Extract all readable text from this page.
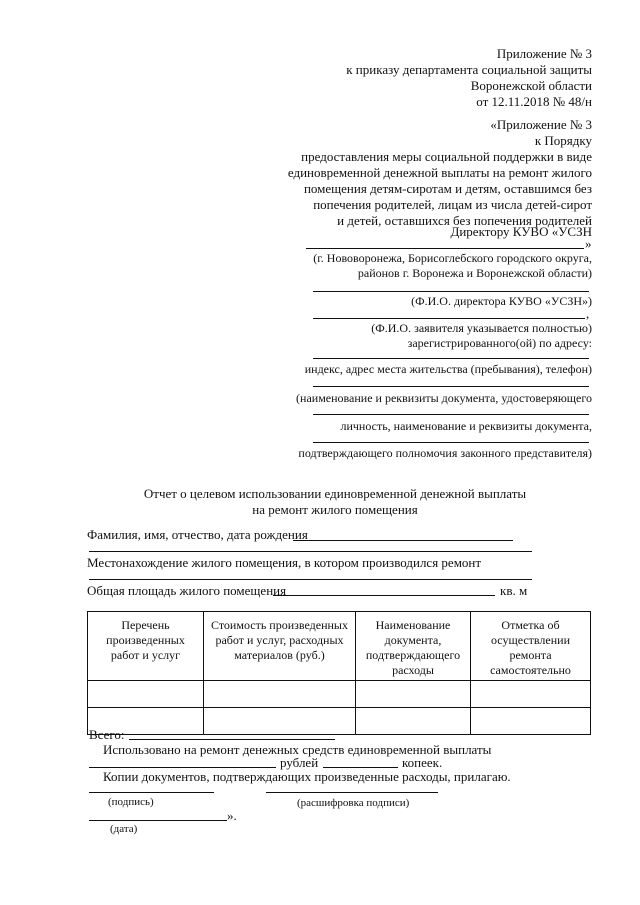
Приложение № 3
к приказу департамента социальной защиты
Воронежской области
от 12.11.2018 № 48/н
«Приложение № 3
к Порядку
предоставления меры социальной поддержки в виде
единовременной денежной выплаты на ремонт жилого
помещения детям-сиротам и детям, оставшимся без
попечения родителей, лицам из числа детей-сирот
и детей, оставшихся без попечения родителей
Директору КУВО «УСЗН
»
(г. Нововоронежа, Борисоглебского городского округа,
районов г. Воронежа и Воронежской области)
(Ф.И.О. директора КУВО «УСЗН»)
,
(Ф.И.О. заявителя указывается полностью)
зарегистрированного(ой) по адресу:
индекс, адрес места жительства (пребывания), телефон)
(наименование и реквизиты документа, удостоверяющего
личность, наименование и реквизиты документа,
подтверждающего полномочия законного представителя)
Отчет о целевом использовании единовременной денежной выплаты
на ремонт жилого помещения
Фамилия, имя, отчество, дата рождения
Местонахождение жилого помещения, в котором производился ремонт
Общая площадь жилого помещения	кв. м
Перечень произведенных работ и услуг	Стоимость произведенных работ и услуг, расходных материалов (руб.)	Наименование документа, подтверждающего расходы	Отметка об осуществлении ремонта самостоятельно

Всего:
Использовано на ремонт денежных средств единовременной выплаты
рублей	копеек.
Копии документов, подтверждающих произведенные расходы, прилагаю.
(подпись)	(расшифровка подписи)
».
(дата)
